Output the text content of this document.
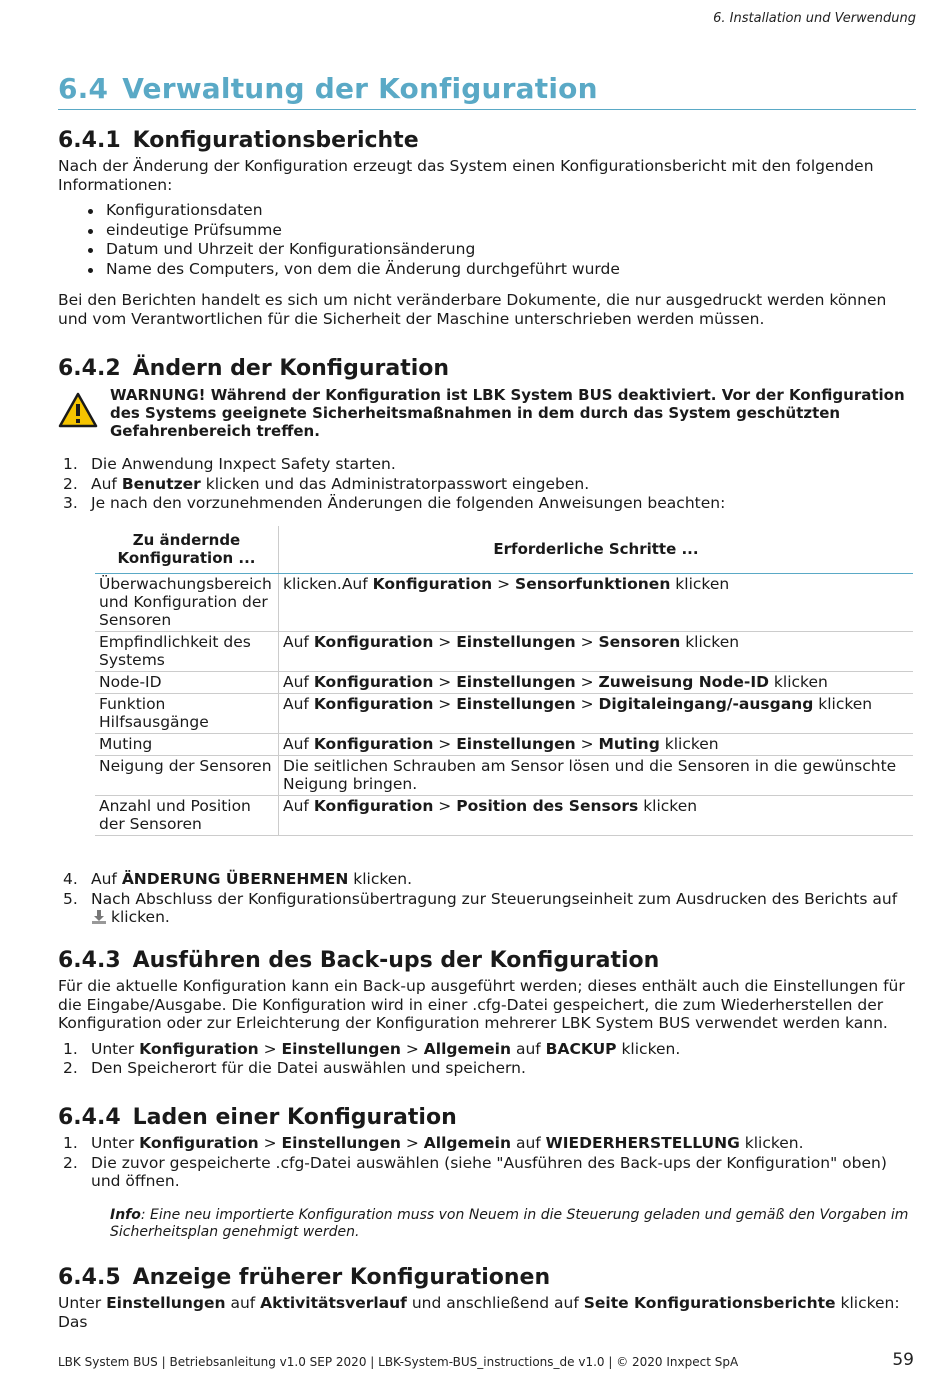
6. Installation und Verwendung
6.4 Verwaltung der Konfiguration
6.4.1 Konfigurationsberichte

Nach der Änderung der Konfiguration erzeugt das System einen Konfigurationsbericht mit den folgenden Informationen:

Konfigurationsdaten
eindeutige Prüfsumme
Datum und Uhrzeit der Konfigurationsänderung
Name des Computers, von dem die Änderung durchgeführt wurde

Bei den Berichten handelt es sich um nicht veränderbare Dokumente, die nur ausgedruckt werden können und vom Verantwortlichen für die Sicherheit der Maschine unterschrieben werden müssen.

6.4.2 Ändern der Konfiguration
WARNUNG! Während der Konfiguration ist LBK System BUS deaktiviert. Vor der Konfiguration des Systems geeignete Sicherheitsmaßnahmen in dem durch das System geschützten Gefahrenbereich treffen.
1. Die Anwendung Inxpect Safety starten.
2. Auf Benutzer klicken und das Administratorpasswort eingeben.
3. Je nach den vorzunehmenden Änderungen die folgenden Anweisungen beachten:
Zu ändernde Konfiguration ...	Erforderliche Schritte ...
Überwachungsbereich und Konfiguration der Sensoren	klicken.Auf Konfiguration > Sensorfunktionen klicken
Empfindlichkeit des Systems	Auf Konfiguration > Einstellungen > Sensoren klicken
Node-ID	Auf Konfiguration > Einstellungen > Zuweisung Node-ID klicken
Funktion Hilfsausgänge	Auf Konfiguration > Einstellungen > Digitaleingang/-ausgang klicken
Muting	Auf Konfiguration > Einstellungen > Muting klicken
Neigung der Sensoren	Die seitlichen Schrauben am Sensor lösen und die Sensoren in die gewünschte Neigung bringen.
Anzahl und Position der Sensoren	Auf Konfiguration > Position des Sensors klicken
4. Auf ÄNDERUNG ÜBERNEHMEN klicken.
5. Nach Abschluss der Konfigurationsübertragung zur Steuerungseinheit zum Ausdrucken des Berichts auf
klicken.
6.4.3 Ausführen des Back-ups der Konfiguration

Für die aktuelle Konfiguration kann ein Back-up ausgeführt werden; dieses enthält auch die Einstellungen für die Eingabe/Ausgabe. Die Konfiguration wird in einer .cfg-Datei gespeichert, die zum Wiederherstellen der Konfiguration oder zur Erleichterung der Konfiguration mehrerer LBK System BUS verwendet werden kann.

1. Unter Konfiguration > Einstellungen > Allgemein auf BACKUP klicken.
2. Den Speicherort für die Datei auswählen und speichern.
6.4.4 Laden einer Konfiguration
1. Unter Konfiguration > Einstellungen > Allgemein auf WIEDERHERSTELLUNG klicken.
2. Die zuvor gespeicherte .cfg-Datei auswählen (siehe "Ausführen des Back-ups der Konfiguration" oben) und öffnen.
Info: Eine neu importierte Konfiguration muss von Neuem in die Steuerung geladen und gemäß den Vorgaben im Sicherheitsplan genehmigt werden.
6.4.5 Anzeige früherer Konfigurationen

Unter Einstellungen auf Aktivitätsverlauf und anschließend auf Seite Konfigurationsberichte klicken: Das

LBK System BUS | Betriebsanleitung v1.0 SEP 2020 | LBK-System-BUS_instructions_de v1.0 | © 2020 Inxpect SpA	59
